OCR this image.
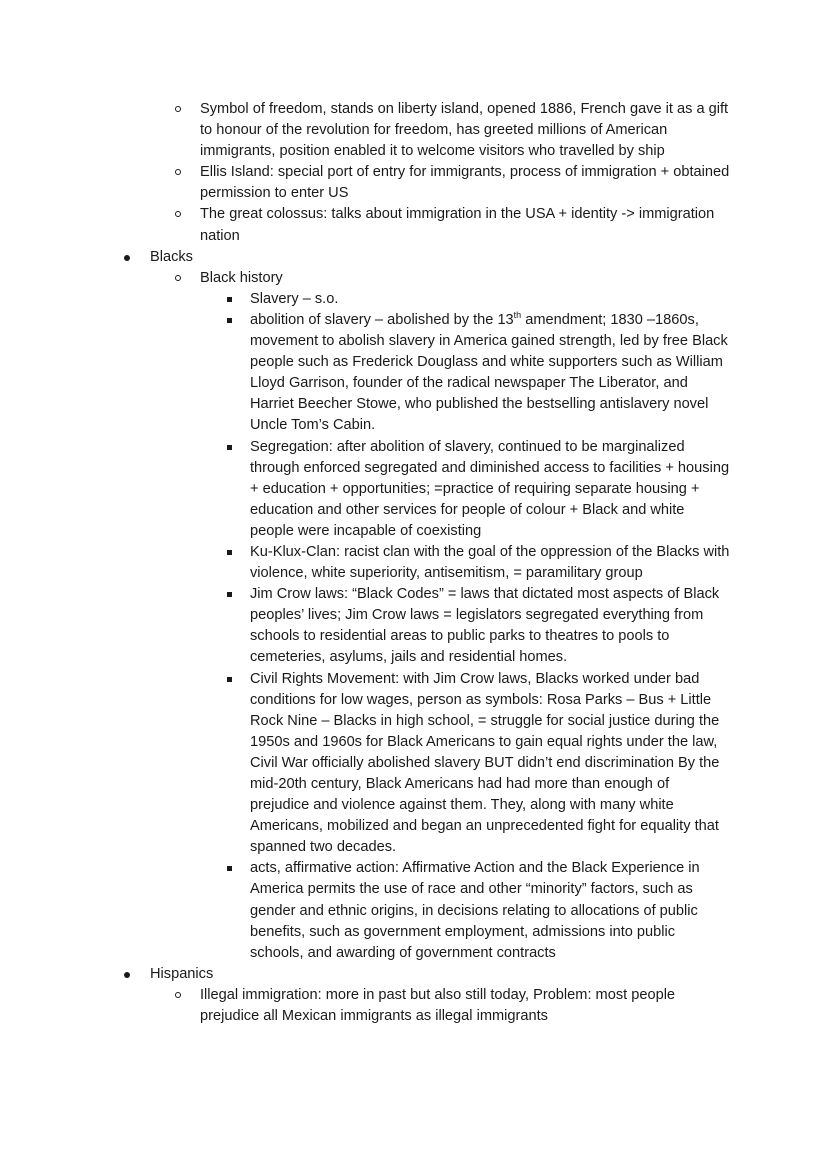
Symbol of freedom, stands on liberty island, opened 1886, French gave it as a gift to honour of the revolution for freedom, has greeted millions of American immigrants, position enabled it to welcome visitors who travelled by ship
Ellis Island: special port of entry for immigrants, process of immigration + obtained permission to enter US
The great colossus: talks about immigration in the USA + identity -> immigration nation
Blacks
Black history
Slavery – s.o.
abolition of slavery – abolished by the 13th amendment; 1830 –1860s, movement to abolish slavery in America gained strength, led by free Black people such as Frederick Douglass and white supporters such as William Lloyd Garrison, founder of the radical newspaper The Liberator, and Harriet Beecher Stowe, who published the bestselling antislavery novel Uncle Tom’s Cabin.
Segregation: after abolition of slavery, continued to be marginalized through enforced segregated and diminished access to facilities + housing + education + opportunities; =practice of requiring separate housing + education and other services for people of colour + Black and white people were incapable of coexisting
Ku-Klux-Clan: racist clan with the goal of the oppression of the Blacks with violence, white superiority, antisemitism, = paramilitary group
Jim Crow laws: “Black Codes” = laws that dictated most aspects of Black peoples’ lives; Jim Crow laws = legislators segregated everything from schools to residential areas to public parks to theatres to pools to cemeteries, asylums, jails and residential homes.
Civil Rights Movement: with Jim Crow laws, Blacks worked under bad conditions for low wages, person as symbols: Rosa Parks – Bus + Little Rock Nine – Blacks in high school, = struggle for social justice during the 1950s and 1960s for Black Americans to gain equal rights under the law, Civil War officially abolished slavery BUT didn’t end discrimination By the mid-20th century, Black Americans had had more than enough of prejudice and violence against them. They, along with many white Americans, mobilized and began an unprecedented fight for equality that spanned two decades.
acts, affirmative action: Affirmative Action and the Black Experience in America permits the use of race and other “minority” factors, such as gender and ethnic origins, in decisions relating to allocations of public benefits, such as government employment, admissions into public schools, and awarding of government contracts
Hispanics
Illegal immigration: more in past but also still today, Problem: most people prejudice all Mexican immigrants as illegal immigrants
